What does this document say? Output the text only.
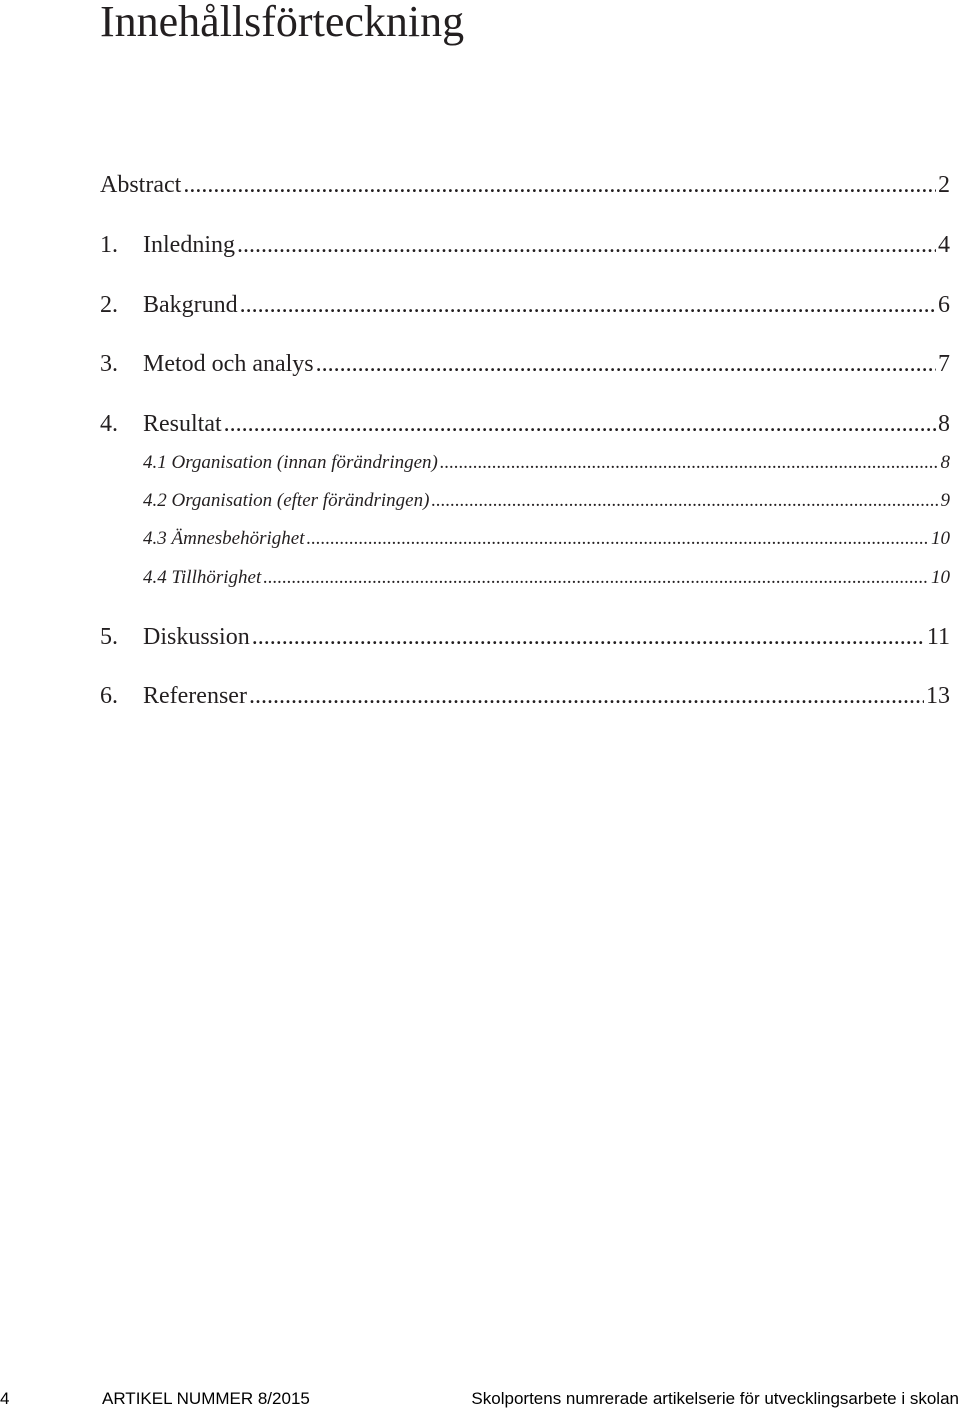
Innehållsförteckning
Abstract .....	2
1.	Inledning .....	4
2.	Bakgrund .....	6
3.	Metod och analys .....	7
4.	Resultat .....	8
4.1 Organisation (innan förändringen) .....	8
4.2 Organisation (efter förändringen) .....	9
4.3 Ämnesbehörighet .....	10
4.4 Tillhörighet .....	10
5.	Diskussion .....	11
6.	Referenser .....	13
4	ARTIKEL NUMMER 8/2015	Skolportens numrerade artikelserie för utvecklingsarbete i skolan
